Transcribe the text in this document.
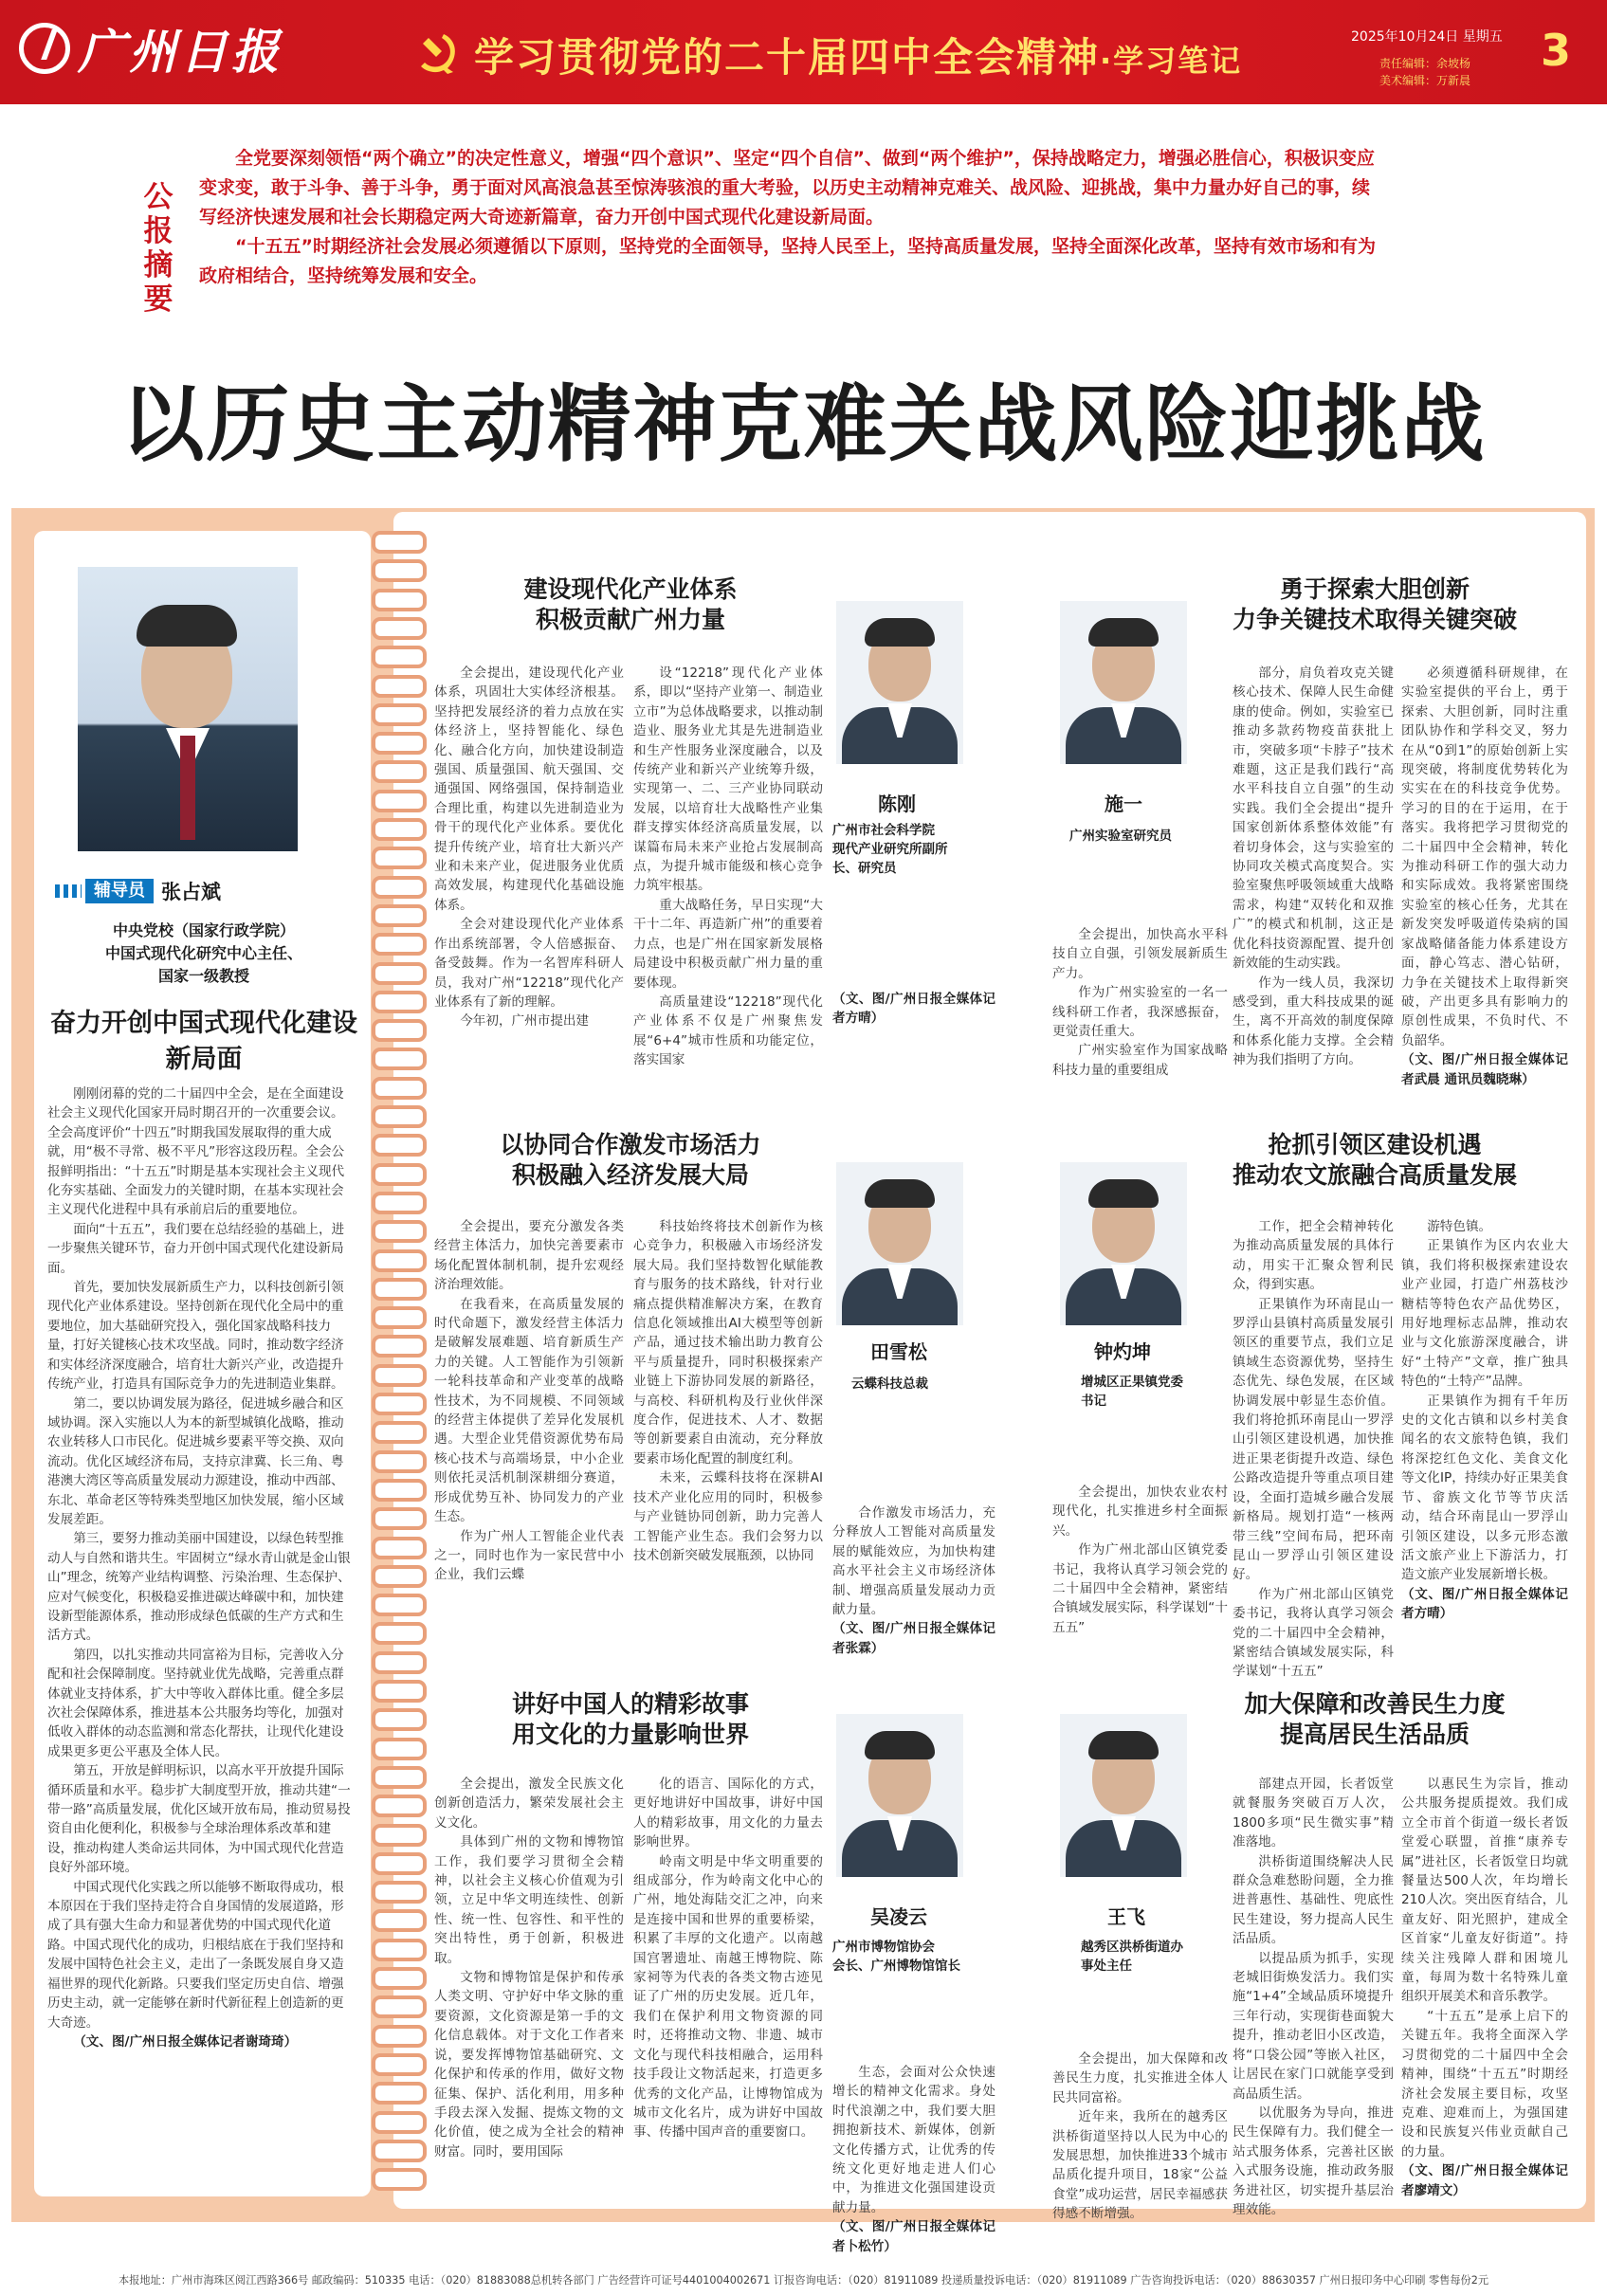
广州日报	学习贯彻党的二十届四中全会精神·学习笔记
2025年10月24日 星期五
责任编辑：余坡杨
美术编辑：万新晨
3
公报摘要

全党要深刻领悟“两个确立”的决定性意义，增强“四个意识”、坚定“四个自信”、做到“两个维护”，保持战略定力，增强必胜信心，积极识变应变求变，敢于斗争、善于斗争，勇于面对风高浪急甚至惊涛骇浪的重大考验，以历史主动精神克难关、战风险、迎挑战，集中力量办好自己的事，续写经济快速发展和社会长期稳定两大奇迹新篇章，奋力开创中国式现代化建设新局面。

“十五五”时期经济社会发展必须遵循以下原则，坚持党的全面领导，坚持人民至上，坚持高质量发展，坚持全面深化改革，坚持有效市场和有为政府相结合，坚持统筹发展和安全。

以历史主动精神克难关战风险迎挑战
辅导员 张占斌
中央党校（国家行政学院）
中国式现代化研究中心主任、
国家一级教授
奋力开创中国式现代化建设新局面

刚刚闭幕的党的二十届四中全会，是在全面建设社会主义现代化国家开局时期召开的一次重要会议。全会高度评价“十四五”时期我国发展取得的重大成就，用“极不寻常、极不平凡”形容这段历程。全会公报鲜明指出：“十五五”时期是基本实现社会主义现代化夯实基础、全面发力的关键时期，在基本实现社会主义现代化进程中具有承前启后的重要地位。

面向“十五五”，我们要在总结经验的基础上，进一步聚焦关键环节，奋力开创中国式现代化建设新局面。

首先，要加快发展新质生产力，以科技创新引领现代化产业体系建设。坚持创新在现代化全局中的重要地位，加大基础研究投入，强化国家战略科技力量，打好关键核心技术攻坚战。同时，推动数字经济和实体经济深度融合，培育壮大新兴产业，改造提升传统产业，打造具有国际竞争力的先进制造业集群。

第二，要以协调发展为路径，促进城乡融合和区域协调。深入实施以人为本的新型城镇化战略，推动农业转移人口市民化。促进城乡要素平等交换、双向流动。优化区域经济布局，支持京津冀、长三角、粤港澳大湾区等高质量发展动力源建设，推动中西部、东北、革命老区等特殊类型地区加快发展，缩小区域发展差距。

第三，要努力推动美丽中国建设，以绿色转型推动人与自然和谐共生。牢固树立“绿水青山就是金山银山”理念，统筹产业结构调整、污染治理、生态保护、应对气候变化，积极稳妥推进碳达峰碳中和，加快建设新型能源体系，推动形成绿色低碳的生产方式和生活方式。

第四，以扎实推动共同富裕为目标，完善收入分配和社会保障制度。坚持就业优先战略，完善重点群体就业支持体系，扩大中等收入群体比重。健全多层次社会保障体系，推进基本公共服务均等化，加强对低收入群体的动态监测和常态化帮扶，让现代化建设成果更多更公平惠及全体人民。

第五，开放是鲜明标识，以高水平开放提升国际循环质量和水平。稳步扩大制度型开放，推动共建“一带一路”高质量发展，优化区域开放布局，推动贸易投资自由化便利化，积极参与全球治理体系改革和建设，推动构建人类命运共同体，为中国式现代化营造良好外部环境。

中国式现代化实践之所以能够不断取得成功，根本原因在于我们坚持走符合自身国情的发展道路，形成了具有强大生命力和显著优势的中国式现代化道路。中国式现代化的成功，归根结底在于我们坚持和发展中国特色社会主义，走出了一条既发展自身又造福世界的现代化新路。只要我们坚定历史自信、增强历史主动，就一定能够在新时代新征程上创造新的更大奇迹。

（文、图/广州日报全媒体记者谢琦琦）

建设现代化产业体系
积极贡献广州力量

全会提出，建设现代化产业体系，巩固壮大实体经济根基。坚持把发展经济的着力点放在实体经济上，坚持智能化、绿色化、融合化方向，加快建设制造强国、质量强国、航天强国、交通强国、网络强国，保持制造业合理比重，构建以先进制造业为骨干的现代化产业体系。要优化提升传统产业，培育壮大新兴产业和未来产业，促进服务业优质高效发展，构建现代化基础设施体系。

全会对建设现代化产业体系作出系统部署，令人倍感振奋、备受鼓舞。作为一名智库科研人员，我对广州“12218”现代化产业体系有了新的理解。

今年初，广州市提出建

设“12218”现代化产业体系，即以“坚持产业第一、制造业立市”为总体战略要求，以推动制造业、服务业尤其是先进制造业和生产性服务业深度融合，以及传统产业和新兴产业统筹升级，实现第一、二、三产业协同联动发展，以培育壮大战略性产业集群支撑实体经济高质量发展，以谋篇布局未来产业抢占发展制高点，为提升城市能级和核心竞争力筑牢根基。

重大战略任务，早日实现“大干十二年、再造新广州”的重要着力点，也是广州在国家新发展格局建设中积极贡献广州力量的重要体现。

高质量建设“12218”现代化产业体系不仅是广州聚焦发展“6+4”城市性质和功能定位，落实国家

陈刚
广州市社会科学院
现代产业研究所副所
长、研究员

（文、图/广州日报全媒体记者方晴）

勇于探索大胆创新
力争关键技术取得关键突破
施一
广州实验室研究员

全会提出，加快高水平科技自立自强，引领发展新质生产力。

作为广州实验室的一名一线科研工作者，我深感振奋，更觉责任重大。

广州实验室作为国家战略科技力量的重要组成

部分，肩负着攻克关键核心技术、保障人民生命健康的使命。例如，实验室已推动多款药物疫苗获批上市，突破多项“卡脖子”技术难题，这正是我们践行“高水平科技自立自强”的生动实践。我们全会提出“提升国家创新体系整体效能”有着切身体会，这与实验室的协同攻关模式高度契合。实验室聚焦呼吸领域重大战略需求，构建“双转化和双推广”的模式和机制，这正是优化科技资源配置、提升创新效能的生动实践。

作为一线人员，我深切感受到，重大科技成果的诞生，离不开高效的制度保障和体系化能力支撑。全会精神为我们指明了方向。

必须遵循科研规律，在实验室提供的平台上，勇于探索、大胆创新，同时注重团队协作和学科交叉，努力在从“0到1”的原始创新上实现突破，将制度优势转化为实实在在的科技竞争优势。学习的目的在于运用，在于落实。我将把学习贯彻党的二十届四中全会精神，转化为推动科研工作的强大动力和实际成效。我将紧密围绕实验室的核心任务，尤其在新发突发呼吸道传染病的国家战略储备能力体系建设方面，静心笃志、潜心钻研，力争在关键技术上取得新突破，产出更多具有影响力的原创性成果，不负时代、不负韶华。

（文、图/广州日报全媒体记者武晨 通讯员魏晓琳）

以协同合作激发市场活力
积极融入经济发展大局

全会提出，要充分激发各类经营主体活力，加快完善要素市场化配置体制机制，提升宏观经济治理效能。

在我看来，在高质量发展的时代命题下，激发经营主体活力是破解发展难题、培育新质生产力的关键。人工智能作为引领新一轮科技革命和产业变革的战略性技术，为不同规模、不同领域的经营主体提供了差异化发展机遇。大型企业凭借资源优势布局核心技术与高端场景，中小企业则依托灵活机制深耕细分赛道，形成优势互补、协同发力的产业生态。

作为广州人工智能企业代表之一，同时也作为一家民营中小企业，我们云蝶

科技始终将技术创新作为核心竞争力，积极融入市场经济发展大局。我们坚持数智化赋能教育与服务的技术路线，针对行业痛点提供精准解决方案，在教育信息化领域推出AI大模型等创新产品，通过技术输出助力教育公平与质量提升，同时积极探索产业链上下游协同发展的新路径，与高校、科研机构及行业伙伴深度合作，促进技术、人才、数据等创新要素自由流动，充分释放要素市场化配置的制度红利。

未来，云蝶科技将在深耕AI技术产业化应用的同时，积极参与产业链协同创新，助力完善人工智能产业生态。我们会努力以技术创新突破发展瓶颈，以协同

田雪松
云蝶科技总裁

合作激发市场活力，充分释放人工智能对高质量发展的赋能效应，为加快构建高水平社会主义市场经济体制、增强高质量发展动力贡献力量。

（文、图/广州日报全媒体记者张霖）

抢抓引领区建设机遇
推动农文旅融合高质量发展
钟灼坤
增城区正果镇党委
书记

全会提出，加快农业农村现代化，扎实推进乡村全面振兴。

作为广州北部山区镇党委书记，我将认真学习领会党的二十届四中全会精神，紧密结合镇域发展实际，科学谋划“十五五”

工作，把全会精神转化为推动高质量发展的具体行动，用实干汇聚众智利民众，得到实惠。

正果镇作为环南昆山一罗浮山县镇村高质量发展引领区的重要节点，我们立足镇域生态资源优势，坚持生态优先、绿色发展，在区域协调发展中彰显生态价值。我们将抢抓环南昆山一罗浮山引领区建设机遇，加快推进正果老街提升改造、绿色公路改造提升等重点项目建设，全面打造城乡融合发展新格局。规划打造“一核两带三线”空间布局，把环南昆山一罗浮山引领区建设好。

作为广州北部山区镇党委书记，我将认真学习领会党的二十届四中全会精神，紧密结合镇域发展实际，科学谋划“十五五”

游特色镇。

正果镇作为区内农业大镇，我们将积极探索建设农业产业园，打造广州荔枝沙糖桔等特色农产品优势区，用好地理标志品牌，推动农业与文化旅游深度融合，讲好“土特产”文章，推广独具特色的“土特产”品牌。

正果镇作为拥有千年历史的文化古镇和以乡村美食闻名的农文旅特色镇，我们将深挖红色文化、美食文化等文化IP，持续办好正果美食节、畲族文化节等节庆活动，结合环南昆山一罗浮山引领区建设，以多元形态激活文旅产业上下游活力，打造文旅产业发展新增长极。

（文、图/广州日报全媒体记者方晴）

讲好中国人的精彩故事
用文化的力量影响世界

全会提出，激发全民族文化创新创造活力，繁荣发展社会主义文化。

具体到广州的文物和博物馆工作，我们要学习贯彻全会精神，以社会主义核心价值观为引领，立足中华文明连续性、创新性、统一性、包容性、和平性的突出特性，勇于创新，积极进取。

文物和博物馆是保护和传承人类文明、守护好中华文脉的重要资源，文化资源是第一手的文化信息载体。对于文化工作者来说，要发挥博物馆基础研究、文化保护和传承的作用，做好文物征集、保护、活化利用，用多种手段去深入发掘、提炼文物的文化价值，使之成为全社会的精神财富。同时，要用国际

化的语言、国际化的方式，更好地讲好中国故事，讲好中国人的精彩故事，用文化的力量去影响世界。

岭南文明是中华文明重要的组成部分，作为岭南文化中心的广州，地处海陆交汇之冲，向来是连接中国和世界的重要桥梁，积累了丰厚的文化遗产。以南越国宫署遗址、南越王博物院、陈家祠等为代表的各类文物古迹见证了广州的历史发展。近几年，我们在保护利用文物资源的同时，还将推动文物、非遗、城市文化与现代科技相融合，运用科技手段让文物活起来，打造更多优秀的文化产品，让博物馆成为城市文化名片，成为讲好中国故事、传播中国声音的重要窗口。

吴凌云
广州市博物馆协会
会长、广州博物馆馆长

生态，会面对公众快速增长的精神文化需求。身处时代浪潮之中，我们要大胆拥抱新技术、新媒体，创新文化传播方式，让优秀的传统文化更好地走进人们心中，为推进文化强国建设贡献力量。

（文、图/广州日报全媒体记者卜松竹）

加大保障和改善民生力度
提高居民生活品质
王飞
越秀区洪桥街道办
事处主任

全会提出，加大保障和改善民生力度，扎实推进全体人民共同富裕。

近年来，我所在的越秀区洪桥街道坚持以人民为中心的发展思想，加快推进33个城市品质化提升项目，18家“公益食堂”成功运营，居民幸福感获得感不断增强。

部建点开园，长者饭堂就餐服务突破百万人次，1800多项“民生微实事”精准落地。

洪桥街道围绕解决人民群众急难愁盼问题，全力推进普惠性、基础性、兜底性民生建设，努力提高人民生活品质。

以提品质为抓手，实现老城旧街焕发活力。我们实施“1+4”全域品质环境提升三年行动，实现街巷面貌大提升，推动老旧小区改造，将“口袋公园”等嵌入社区，让居民在家门口就能享受到高品质生活。

以优服务为导向，推进民生保障有力。我们健全一站式服务体系，完善社区嵌入式服务设施，推动政务服务进社区，切实提升基层治理效能。

以惠民生为宗旨，推动公共服务提质提效。我们成立全市首个街道一级长者饭堂爱心联盟，首推“康养专属”进社区，长者饭堂日均就餐量达500人次，年均增长210人次。突出医育结合，儿童友好、阳光照护，建成全区首家“儿童友好街道”。持续关注残障人群和困境儿童，每周为数十名特殊儿童组织开展美术和音乐教学。

“十五五”是承上启下的关键五年。我将全面深入学习贯彻党的二十届四中全会精神，围绕“十五五”时期经济社会发展主要目标，攻坚克难、迎难而上，为强国建设和民族复兴伟业贡献自己的力量。

（文、图/广州日报全媒体记者廖靖文）

本报地址：广州市海珠区阅江西路366号 邮政编码：510335 电话：（020）81883088总机转各部门 广告经营许可证号4401004002671 订报咨询电话：（020）81911089 投递质量投诉电话：（020）81911089 广告咨询投诉电话：（020）88630357 广州日报印务中心印刷 零售每份2元
